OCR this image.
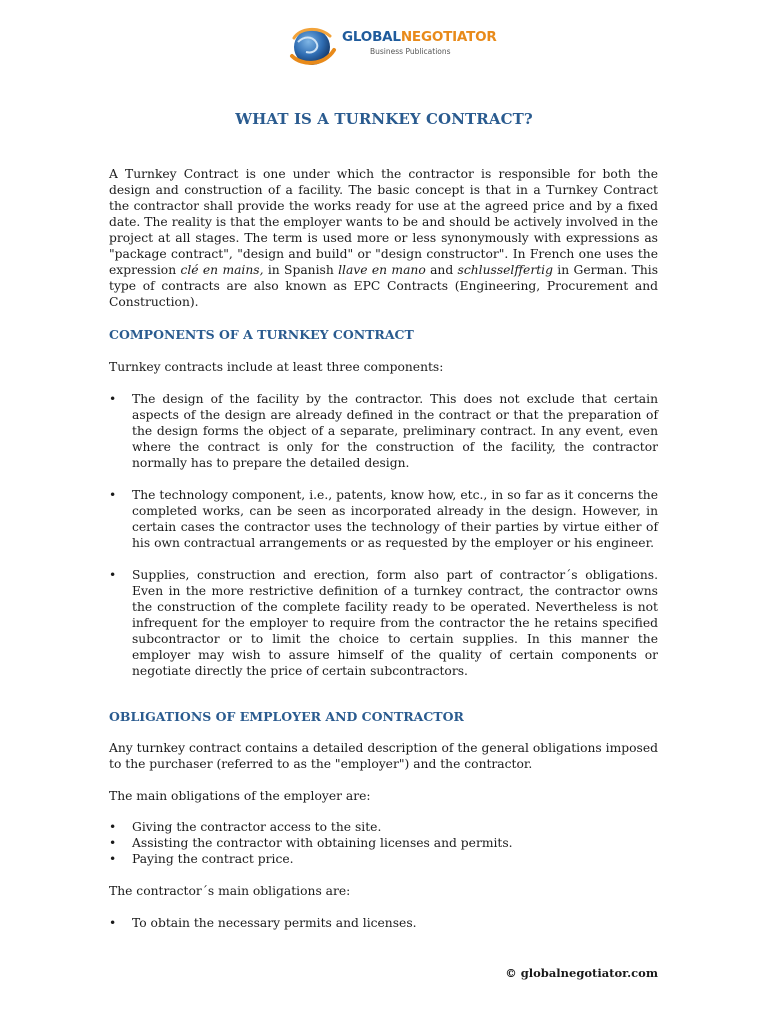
GLOBALNEGOTIATOR
Business Publications
WHAT IS A TURNKEY CONTRACT?

A Turnkey Contract is one under which the contractor is responsible for both the design and construction of a facility. The basic concept is that in a Turnkey Contract the contractor shall provide the works ready for use at the agreed price and by a fixed date. The reality is that the employer wants to be and should be actively involved in the project at all stages. The term is used more or less synonymously with expressions as "package contract", "design and build" or "design constructor". In French one uses the expression clé en mains, in Spanish llave en mano and schlusselffertig in German. This type of contracts are also known as EPC Contracts (Engineering, Procurement and Construction).

COMPONENTS OF A TURNKEY CONTRACT

Turnkey contracts include at least three components:

• The design of the facility by the contractor. This does not exclude that certain aspects of the design are already defined in the contract or that the preparation of the design forms the object of a separate, preliminary contract. In any event, even where the contract is only for the construction of the facility, the contractor normally has to prepare the detailed design.
• The technology component, i.e., patents, know how, etc., in so far as it concerns the completed works, can be seen as incorporated already in the design. However, in certain cases the contractor uses the technology of their parties by virtue either of his own contractual arrangements or as requested by the employer or his engineer.
• Supplies, construction and erection, form also part of contractor´s obligations. Even in the more restrictive definition of a turnkey contract, the contractor owns the construction of the complete facility ready to be operated. Nevertheless is not infrequent for the employer to require from the contractor the he retains specified subcontractor or to limit the choice to certain supplies. In this manner the employer may wish to assure himself of the quality of certain components or negotiate directly the price of certain subcontractors.
OBLIGATIONS OF EMPLOYER AND CONTRACTOR

Any turnkey contract contains a detailed description of the general obligations imposed to the purchaser (referred to as the "employer") and the contractor.

The main obligations of the employer are:

• Giving the contractor access to the site.
• Assisting the contractor with obtaining licenses and permits.
• Paying the contract price.

The contractor´s main obligations are:

• To obtain the necessary permits and licenses.
© globalnegotiator.com
